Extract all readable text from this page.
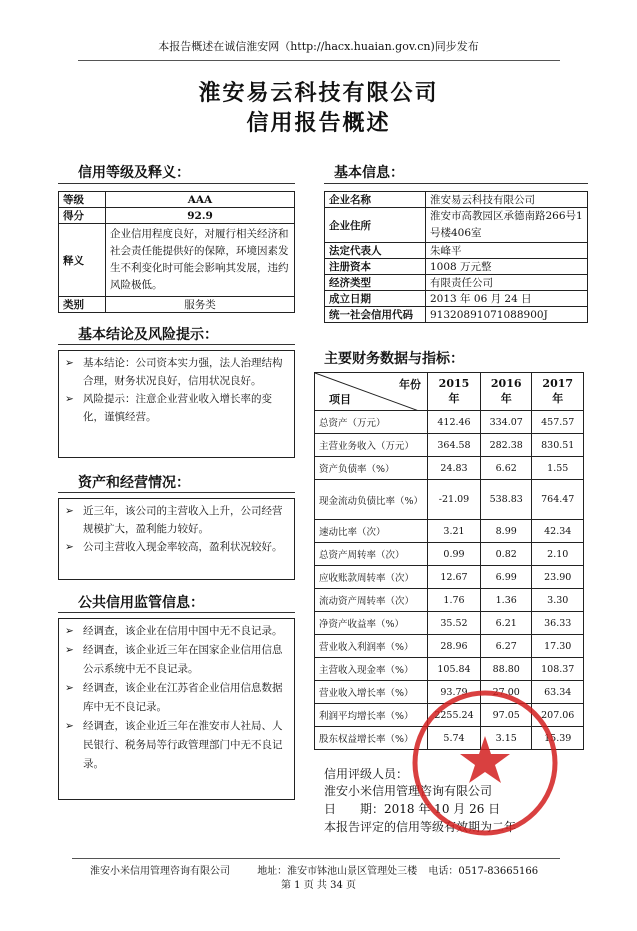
本报告概述在诚信淮安网（http://hacx.huaian.gov.cn)同步发布
淮安易云科技有限公司
信用报告概述
信用等级及释义：
等级	AAA
得分	92.9
释义	企业信用程度良好，对履行相关经济和社会责任能提供好的保障，环境因素发生不利变化时可能会影响其发展，违约风险极低。
类别	服务类
基本结论及风险提示：
➢ 基本结论：公司资本实力强，法人治理结构合理，财务状况良好，信用状况良好。
➢ 风险提示：注意企业营业收入增长率的变化，谨慎经营。
资产和经营情况：
➢ 近三年，该公司的主营收入上升，公司经营规模扩大，盈利能力较好。
➢ 公司主营收入现金率较高，盈利状况较好。
公共信用监管信息：
➢ 经调查，该企业在信用中国中无不良记录。
➢ 经调查，该企业近三年在国家企业信用信息公示系统中无不良记录。
➢ 经调查，该企业在江苏省企业信用信息数据库中无不良记录。
➢ 经调查，该企业近三年在淮安市人社局、人民银行、税务局等行政管理部门中无不良记录。
基本信息：
企业名称	淮安易云科技有限公司
企业住所	淮安市高教园区承德南路266号1号楼406室
法定代表人	朱峰平
注册资本	1008 万元整
经济类型	有限责任公司
成立日期	2013 年 06 月 24 日
统一社会信用代码	91320891071088900J
主要财务数据与指标：
年份
项目	2015 年	2016 年	2017 年
总资产（万元）	412.46	334.07	457.57
主营业务收入（万元）	364.58	282.38	830.51
资产负债率（%）	24.83	6.62	1.55
现金流动负债比率（%）	-21.09	538.83	764.47
速动比率（次）	3.21	8.99	42.34
总资产周转率（次）	0.99	0.82	2.10
应收账款周转率（次）	12.67	6.99	23.90
流动资产周转率（次）	1.76	1.36	3.30
净资产收益率（%）	35.52	6.21	36.33
营业收入利润率（%）	28.96	6.27	17.30
主营收入现金率（%）	105.84	88.80	108.37
营业收入增长率（%）	93.79	27.00	63.34
利润平均增长率（%）	2255.24	97.05	207.06
股东权益增长率（%）	5.74	3.15	15.39
信用评级人员：
淮安小米信用管理咨询有限公司
日　　期：2018 年 10 月 26 日
本报告评定的信用等级有效期为二年
淮安小米信用管理咨询有限公司	地址：淮安市钵池山景区管理处三楼 电话：0517-83665166
第 1 页 共 34 页
